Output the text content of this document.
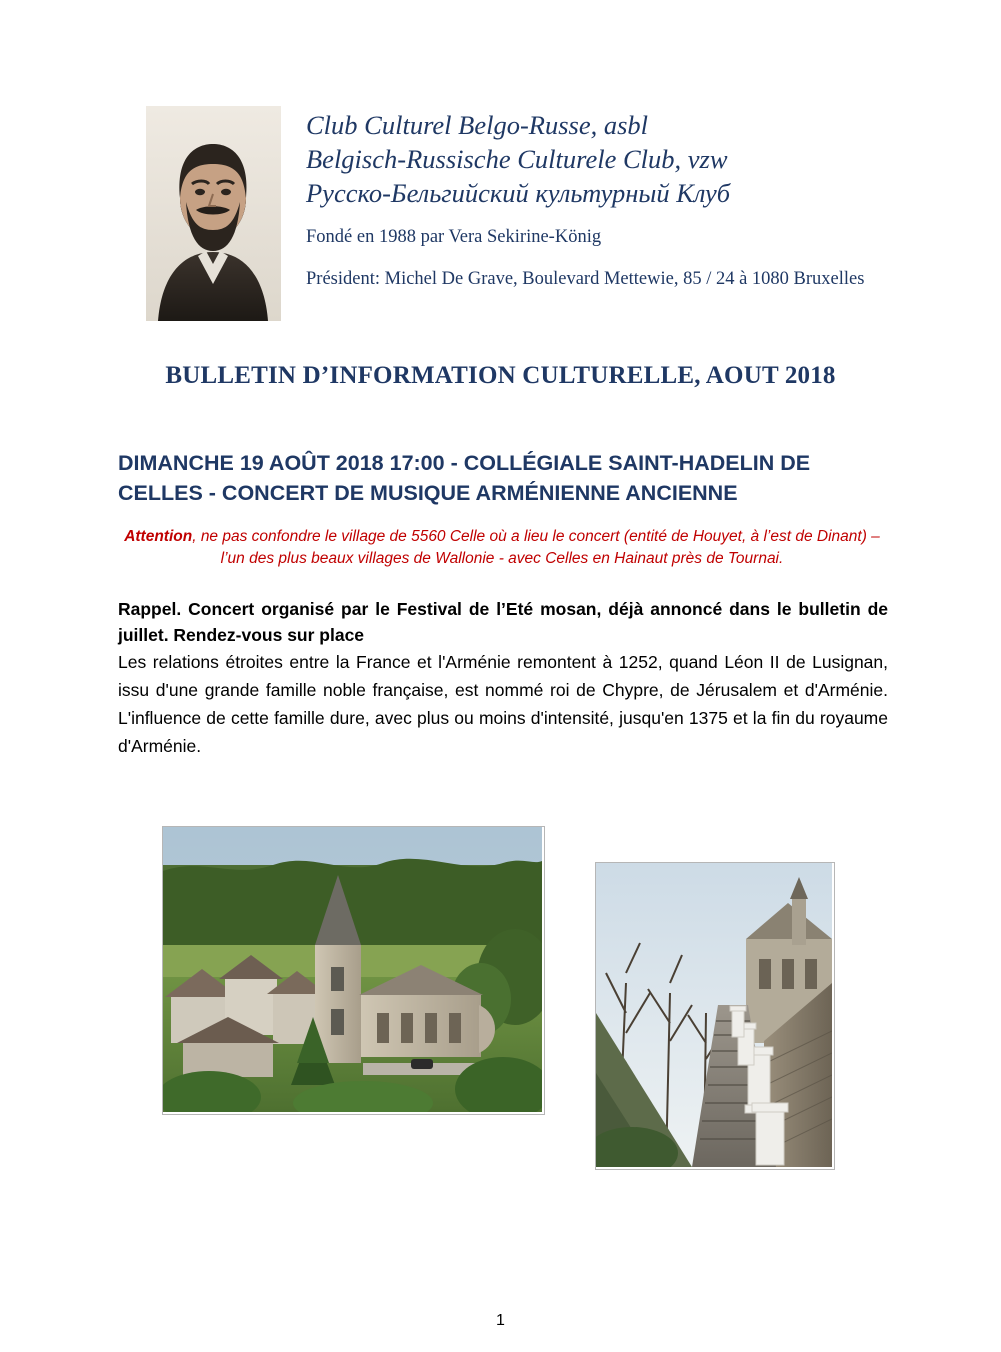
Club Culturel Belgo-Russe, asbl
Belgisch-Russische Culturele Club, vzw
Русско-Бельгийский культурный Клуб
Fondé en 1988 par Vera Sekirine-König
Président: Michel De Grave, Boulevard Mettewie, 85 / 24 à 1080 Bruxelles
BULLETIN D’INFORMATION CULTURELLE, AOUT 2018
DIMANCHE 19 AOÛT 2018 17:00 - COLLÉGIALE SAINT-HADELIN DE CELLES - CONCERT DE MUSIQUE ARMÉNIENNE ANCIENNE

Attention, ne pas confondre le village de 5560 Celle où a lieu le concert (entité de Houyet, à l’est de Dinant) – l’un des plus beaux villages de Wallonie - avec Celles en Hainaut près de Tournai.

Rappel. Concert organisé par le Festival de l’Eté mosan, déjà annoncé dans le bulletin de juillet. Rendez-vous sur place

Les relations étroites entre la France et l'Arménie remontent à 1252, quand Léon II de Lusignan, issu d'une grande famille noble française, est nommé roi de Chypre, de Jérusalem et d'Arménie. L'influence de cette famille dure, avec plus ou moins d'intensité, jusqu'en 1375 et la fin du royaume d'Arménie.

1
